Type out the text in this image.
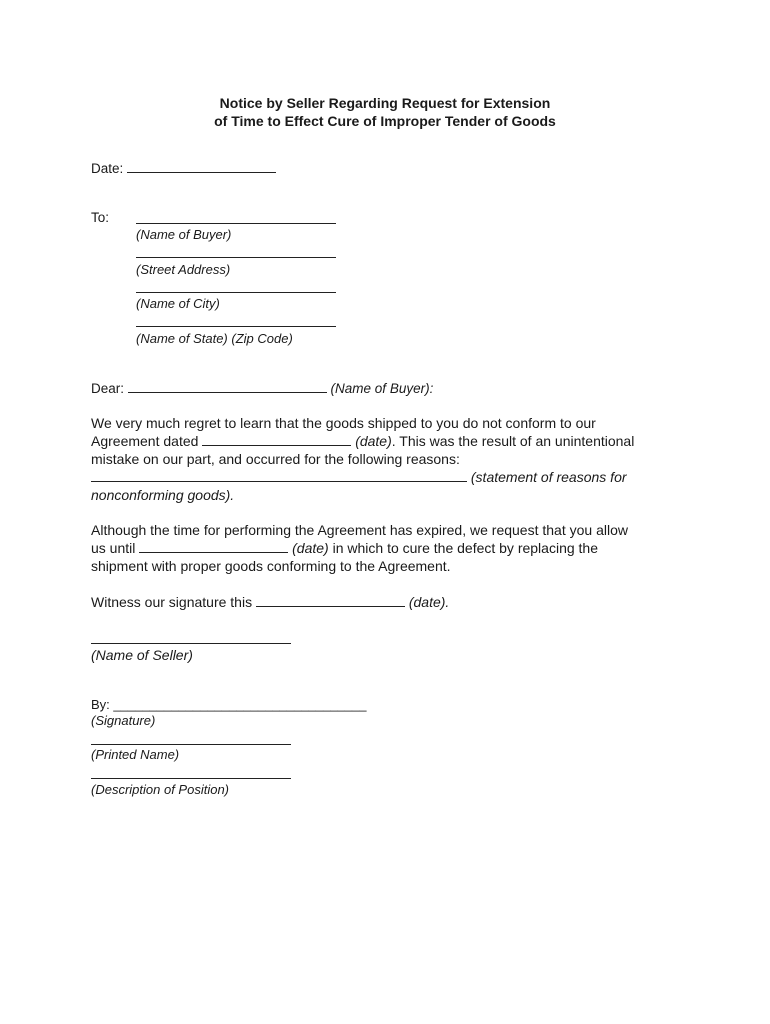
Notice by Seller Regarding Request for Extension
of Time to Effect Cure of Improper Tender of Goods
Date:
To:
(Name of Buyer)
(Street Address)
(Name of City)
(Name of State) (Zip Code)
Dear:	(Name of Buyer):
We very much regret to learn that the goods shipped to you do not conform to our
Agreement dated	(date). This was the result of an unintentional
mistake on our part, and occurred for the following reasons:
(statement of reasons for
nonconforming goods).
Although the time for performing the Agreement has expired, we request that you allow
us until	(date) in which to cure the defect by replacing the
shipment with proper goods conforming to the Agreement.
Witness our signature this	(date).
(Name of Seller)
By: ___________________________________
(Signature)
(Printed Name)
(Description of Position)
